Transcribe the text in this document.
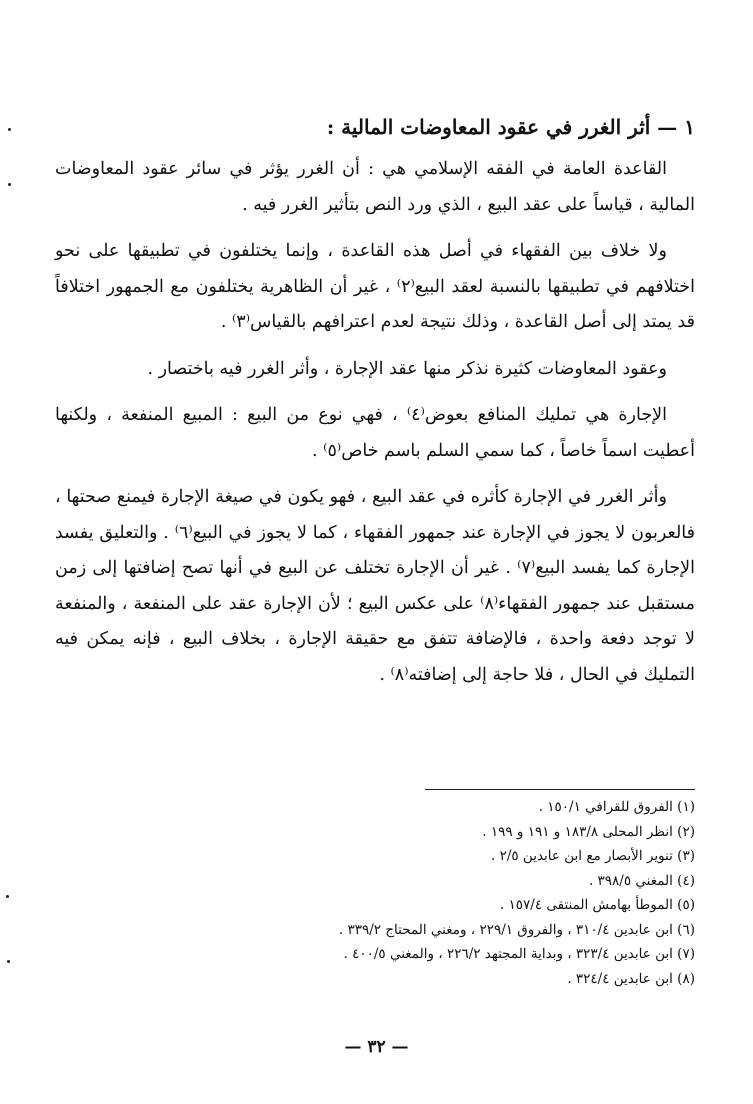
١ — أثر الغرر في عقود المعاوضات المالية :

القاعدة العامة في الفقه الإسلامي هي : أن الغرر يؤثر في سائر عقود المعاوضات المالية ، قياساً على عقد البيع ، الذي ورد النص بتأثير الغرر فيه .

ولا خلاف بين الفقهاء في أصل هذه القاعدة ، وإنما يختلفون في تطبيقها على نحو اختلافهم في تطبيقها بالنسبة لعقد البيع⁽٢⁾ ، غير أن الظاهرية يختلفون مع الجمهور اختلافاً قد يمتد إلى أصل القاعدة ، وذلك نتيجة لعدم اعترافهم بالقياس⁽٣⁾ .

وعقود المعاوضات كثيرة نذكر منها عقد الإجارة ، وأثر الغرر فيه باختصار .

الإجارة هي تمليك المنافع بعوض⁽٤⁾ ، فهي نوع من البيع : المبيع المنفعة ، ولكنها أعطيت اسماً خاصاً ، كما سمي السلم باسم خاص⁽٥⁾ .

وأثر الغرر في الإجارة كأثره في عقد البيع ، فهو يكون في صيغة الإجارة فيمنع صحتها ، فالعربون لا يجوز في الإجارة عند جمهور الفقهاء ، كما لا يجوز في البيع⁽٦⁾ . والتعليق يفسد الإجارة كما يفسد البيع⁽٧⁾ . غير أن الإجارة تختلف عن البيع في أنها تصح إضافتها إلى زمن مستقبل عند جمهور الفقهاء⁽٨⁾ على عكس البيع ؛ لأن الإجارة عقد على المنفعة ، والمنفعة لا توجد دفعة واحدة ، فالإضافة تتفق مع حقيقة الإجارة ، بخلاف البيع ، فإنه يمكن فيه التمليك في الحال ، فلا حاجة إلى إضافته⁽٨⁾ .

(١) الفروق للقرافي ١٥٠/١ .

(٢) انظر المحلى ١٨٣/٨ و ١٩١ و ١٩٩ .

(٣) تنوير الأبصار مع ابن عابدين ٢/٥ .

(٤) المغني ٣٩٨/٥ .

(٥) الموطأ بهامش المنتقى ١٥٧/٤ .

(٦) ابن عابدين ٣١٠/٤ ، والفروق ٢٢٩/١ ، ومغني المحتاج ٣٣٩/٢ .

(٧) ابن عابدين ٣٢٣/٤ ، وبداية المجتهد ٢٢٦/٢ ، والمغني ٤٠٠/٥ .

(٨) ابن عابدين ٣٢٤/٤ .

— ٣٢ —
